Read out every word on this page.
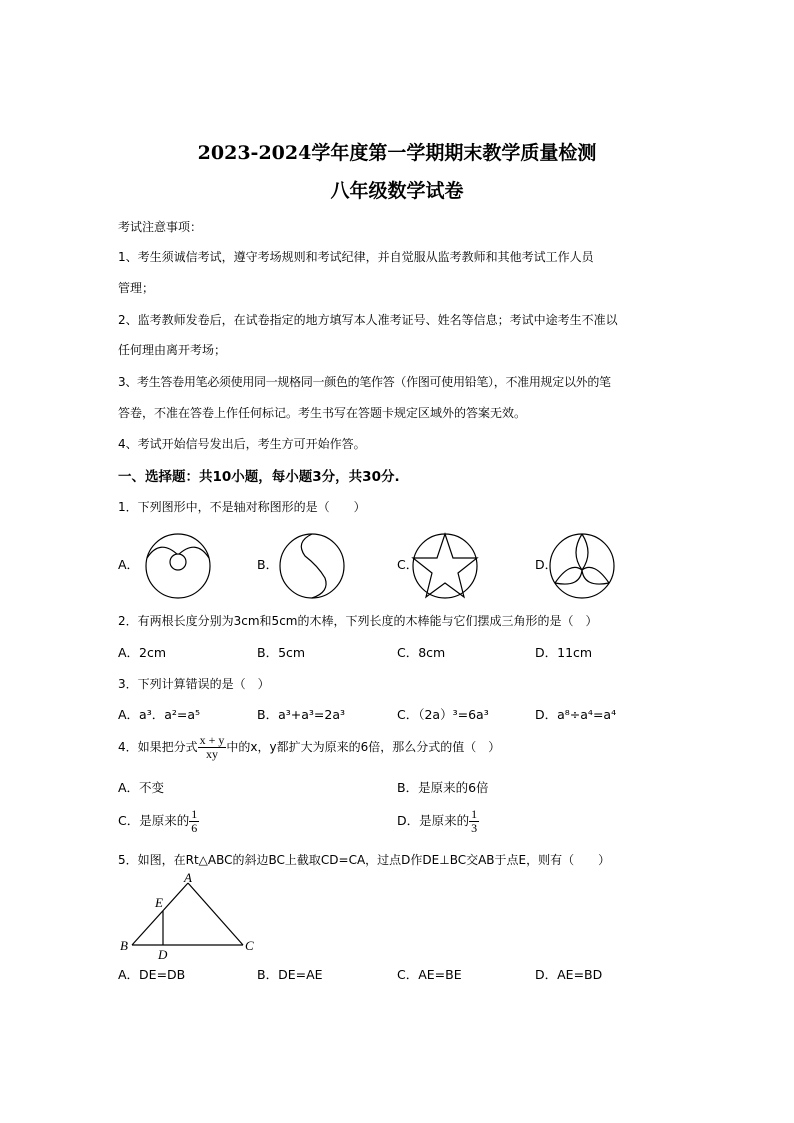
2023-2024学年度第一学期期末教学质量检测
八年级数学试卷
考试注意事项：
1、考生须诚信考试，遵守考场规则和考试纪律，并自觉服从监考教师和其他考试工作人员
管理；
2、监考教师发卷后，在试卷指定的地方填写本人准考证号、姓名等信息；考试中途考生不准以
任何理由离开考场；
3、考生答卷用笔必须使用同一规格同一颜色的笔作答（作图可使用铅笔），不准用规定以外的笔
答卷，不准在答卷上作任何标记。考生书写在答题卡规定区域外的答案无效。
4、考试开始信号发出后，考生方可开始作答。
一、选择题：共10小题，每小题3分，共30分.
1．下列图形中，不是轴对称图形的是（　　）
A．	B．	C．	D．
2．有两根长度分别为3cm和5cm的木棒，下列长度的木棒能与它们摆成三角形的是（　）
A．2cm	B．5cm	C．8cm	D．11cm
3．下列计算错误的是（　）
A．a³．a²=a⁵	B．a³+a³=2a³	C．（2a）³=6a³	D．a⁸÷a⁴=a⁴
4．如果把分式 $\frac{x + y}{xy}$ 中的x，y都扩大为原来的6倍，那么分式的值（　）
A．不变	B．是原来的6倍
C．是原来的 $\frac{1}{6}$	D．是原来的 $\frac{1}{3}$
5．如图，在Rt△ABC的斜边BC上截取CD=CA，过点D作DE⊥BC交AB于点E，则有（　　）
A
E
B	C
D
A．DE=DB	B．DE=AE	C．AE=BE	D．AE=BD
